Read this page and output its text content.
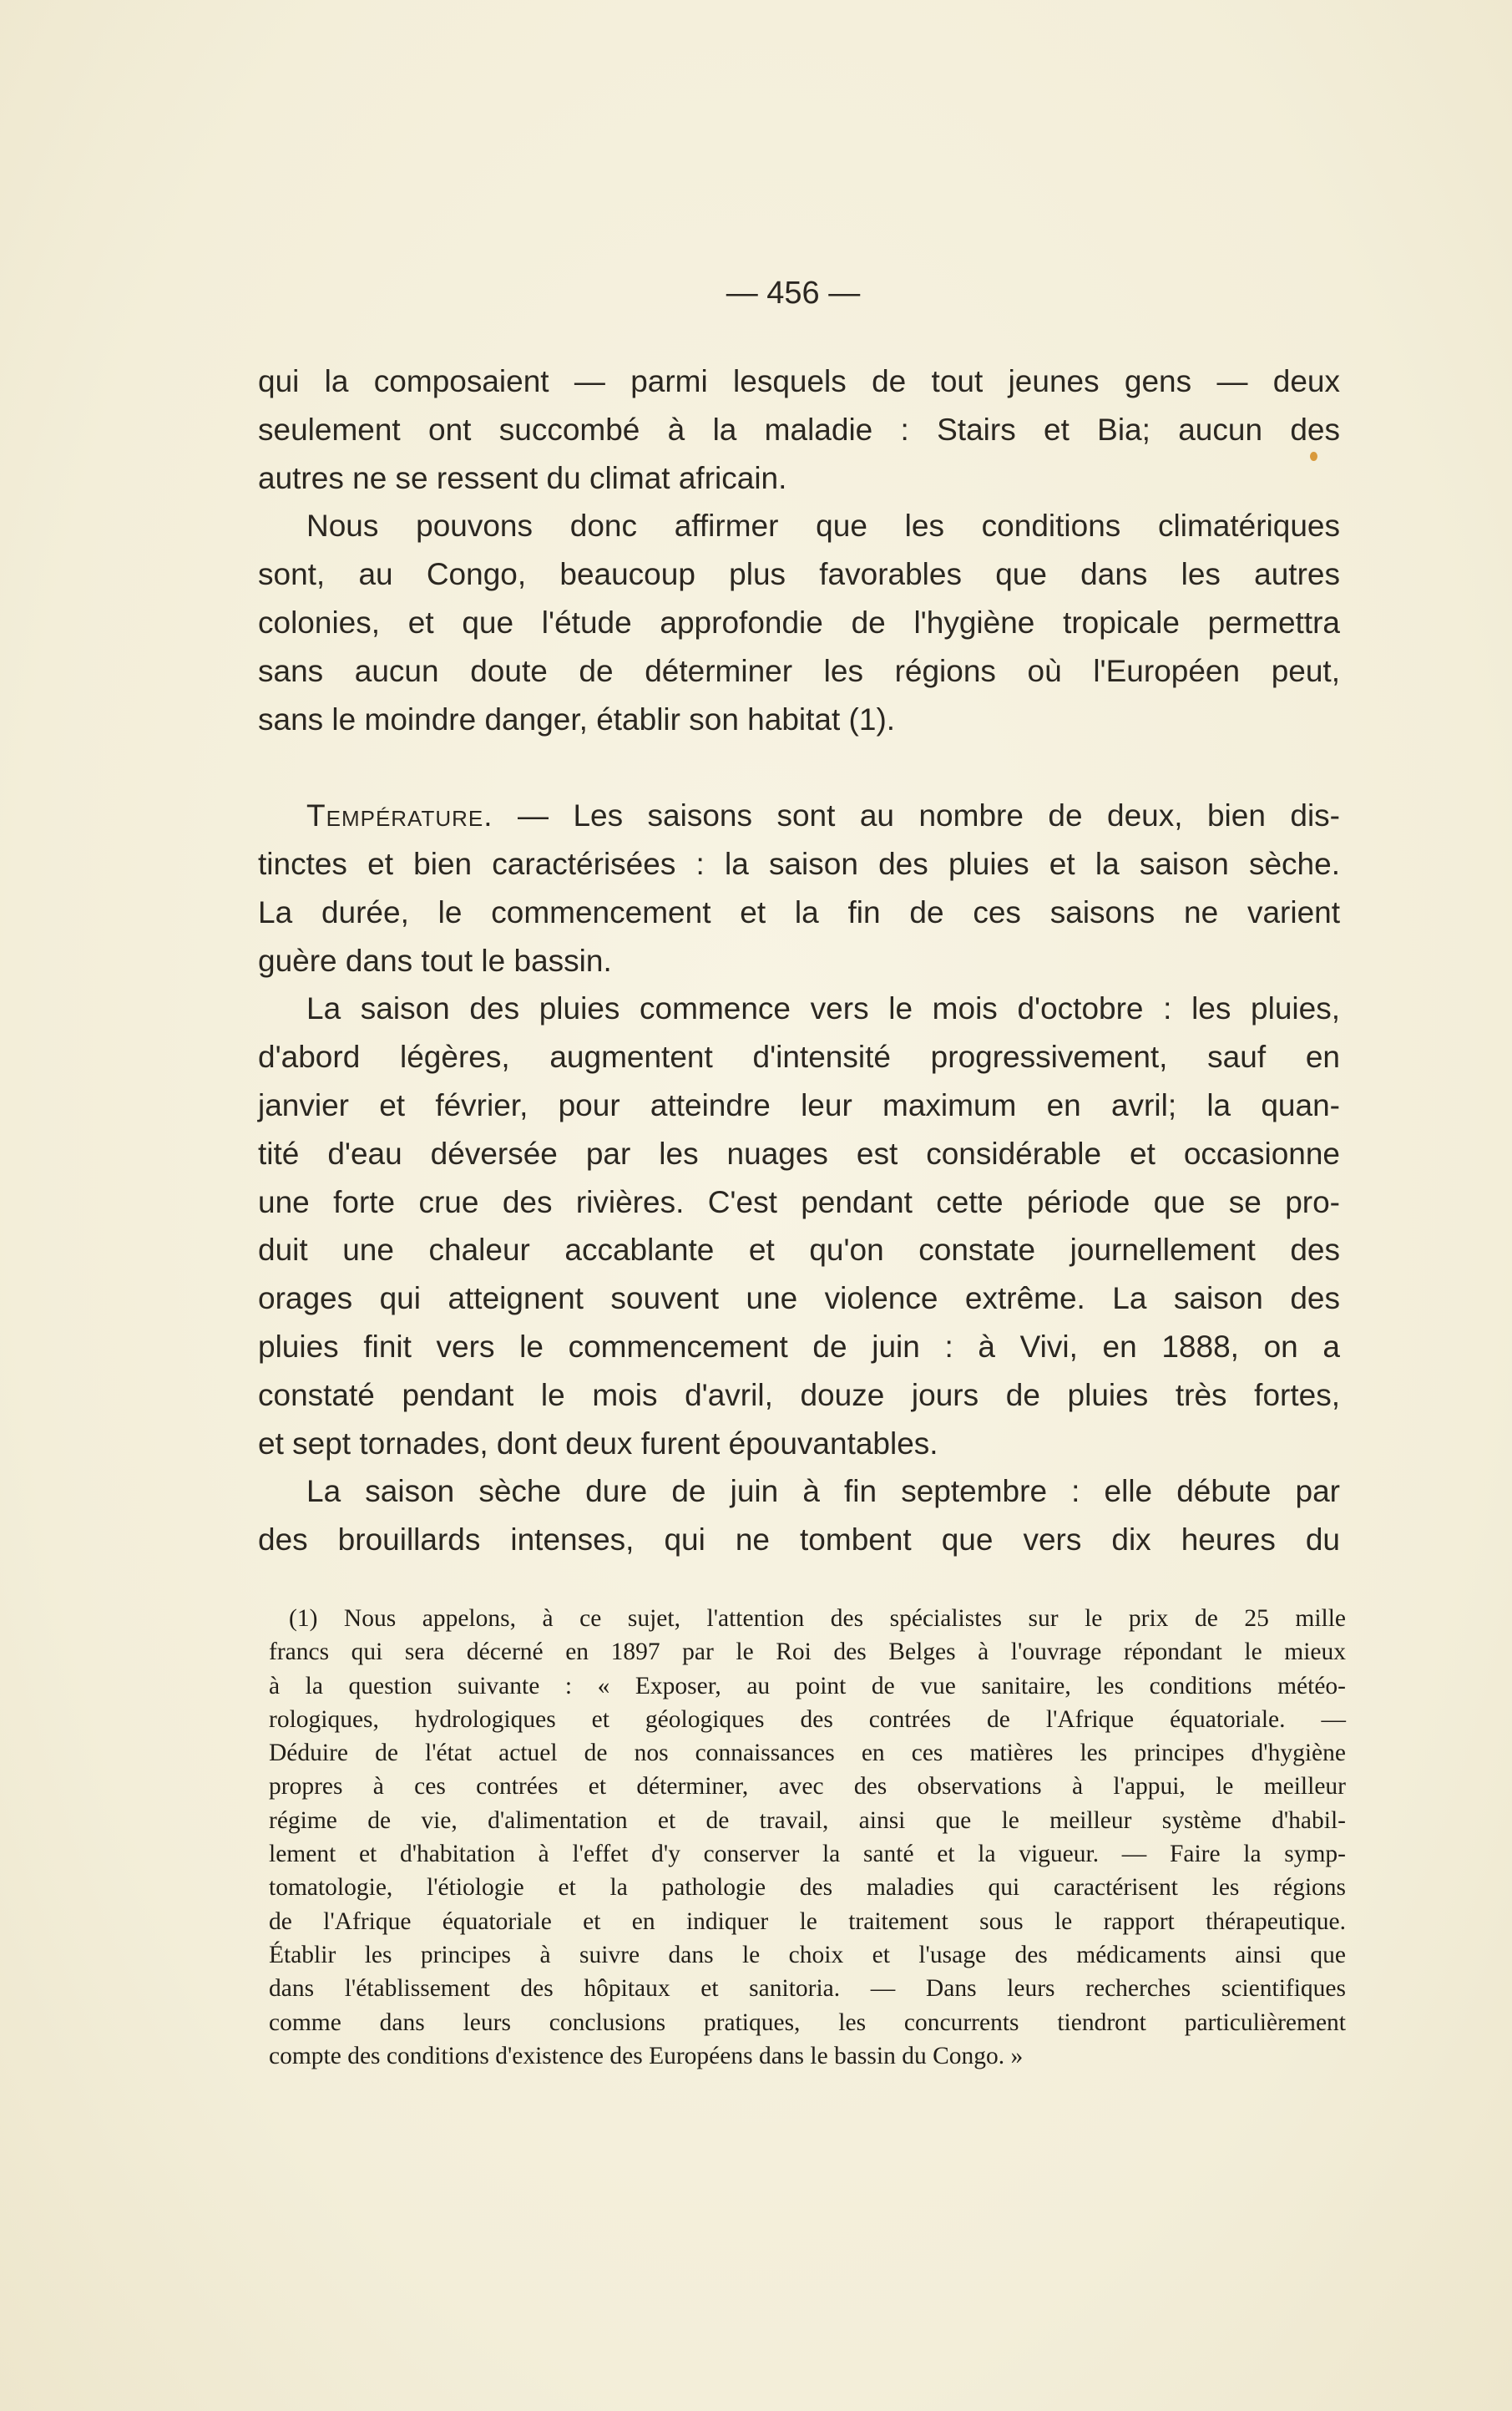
— 456 —
qui la composaient — parmi lesquels de tout jeunes gens — deux
seulement ont succombé à la maladie : Stairs et Bia; aucun des
autres ne se ressent du climat africain.
Nous pouvons donc affirmer que les conditions climatériques
sont, au Congo, beaucoup plus favorables que dans les autres
colonies, et que l'étude approfondie de l'hygiène tropicale permettra
sans aucun doute de déterminer les régions où l'Européen peut,
sans le moindre danger, établir son habitat (1).
Température. — Les saisons sont au nombre de deux, bien dis-
tinctes et bien caractérisées : la saison des pluies et la saison sèche.
La durée, le commencement et la fin de ces saisons ne varient
guère dans tout le bassin.
La saison des pluies commence vers le mois d'octobre : les pluies,
d'abord légères, augmentent d'intensité progressivement, sauf en
janvier et février, pour atteindre leur maximum en avril; la quan-
tité d'eau déversée par les nuages est considérable et occasionne
une forte crue des rivières. C'est pendant cette période que se pro-
duit une chaleur accablante et qu'on constate journellement des
orages qui atteignent souvent une violence extrême. La saison des
pluies finit vers le commencement de juin : à Vivi, en 1888, on a
constaté pendant le mois d'avril, douze jours de pluies très fortes,
et sept tornades, dont deux furent épouvantables.
La saison sèche dure de juin à fin septembre : elle débute par
des brouillards intenses, qui ne tombent que vers dix heures du
(1) Nous appelons, à ce sujet, l'attention des spécialistes sur le prix de 25 mille
francs qui sera décerné en 1897 par le Roi des Belges à l'ouvrage répondant le mieux
à la question suivante : « Exposer, au point de vue sanitaire, les conditions météo-
rologiques, hydrologiques et géologiques des contrées de l'Afrique équatoriale. —
Déduire de l'état actuel de nos connaissances en ces matières les principes d'hygiène
propres à ces contrées et déterminer, avec des observations à l'appui, le meilleur
régime de vie, d'alimentation et de travail, ainsi que le meilleur système d'habil-
lement et d'habitation à l'effet d'y conserver la santé et la vigueur. — Faire la symp-
tomatologie, l'étiologie et la pathologie des maladies qui caractérisent les régions
de l'Afrique équatoriale et en indiquer le traitement sous le rapport thérapeutique.
Établir les principes à suivre dans le choix et l'usage des médicaments ainsi que
dans l'établissement des hôpitaux et sanitoria. — Dans leurs recherches scientifiques
comme dans leurs conclusions pratiques, les concurrents tiendront particulièrement
compte des conditions d'existence des Européens dans le bassin du Congo. »
